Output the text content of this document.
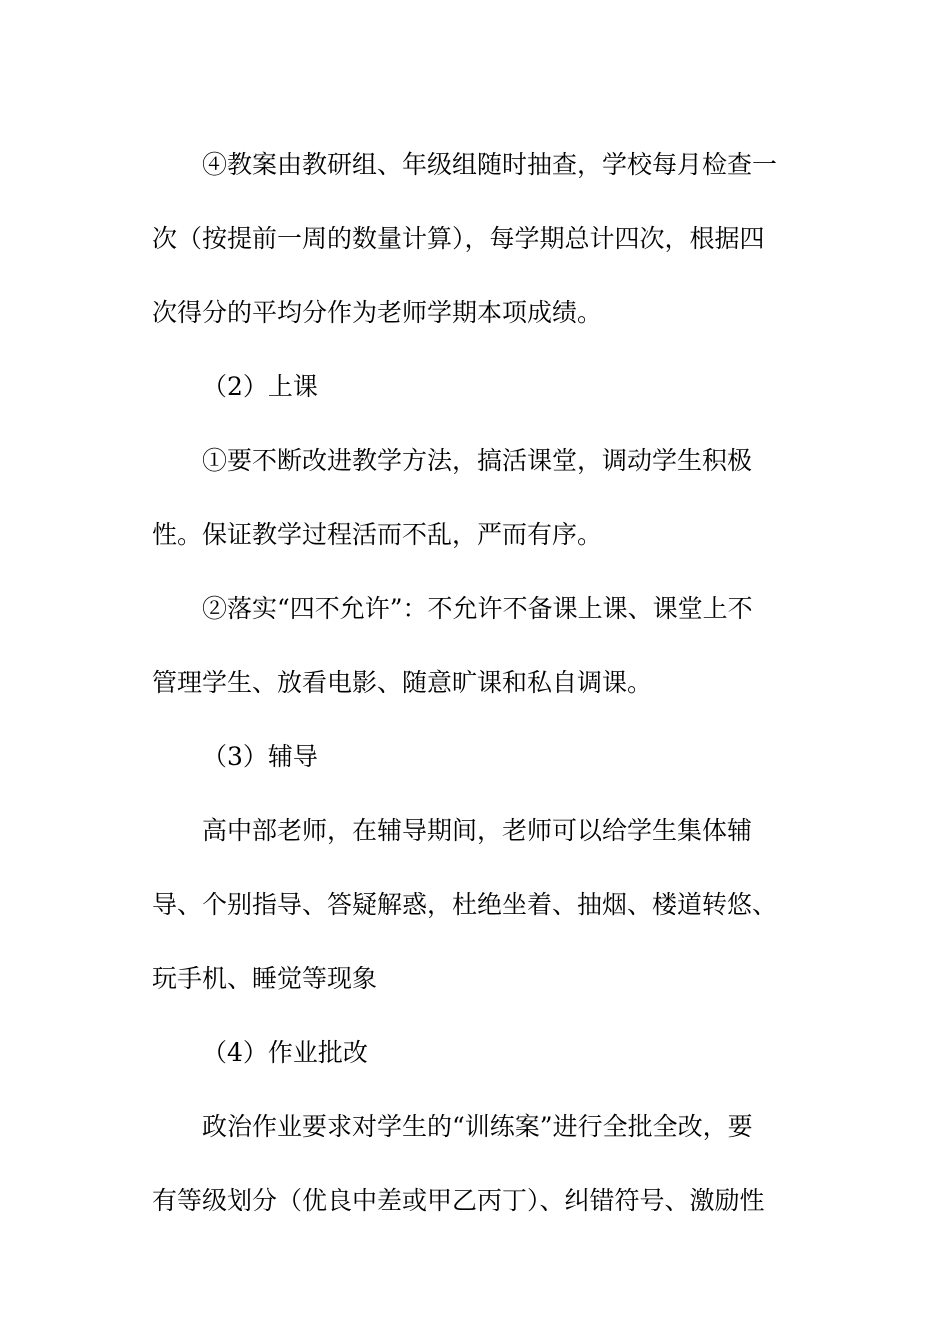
④教案由教研组、年级组随时抽查，学校每月检查一
次（按提前一周的数量计算），每学期总计四次，根据四
次得分的平均分作为老师学期本项成绩。
（2）上课
①要不断改进教学方法，搞活课堂，调动学生积极
性。保证教学过程活而不乱，严而有序。
②落实“四不允许”：不允许不备课上课、课堂上不
管理学生、放看电影、随意旷课和私自调课。
（3）辅导
高中部老师，在辅导期间，老师可以给学生集体辅
导、个别指导、答疑解惑，杜绝坐着、抽烟、楼道转悠、
玩手机、睡觉等现象
（4）作业批改
政治作业要求对学生的“训练案”进行全批全改，要
有等级划分（优良中差或甲乙丙丁）、纠错符号、激励性
